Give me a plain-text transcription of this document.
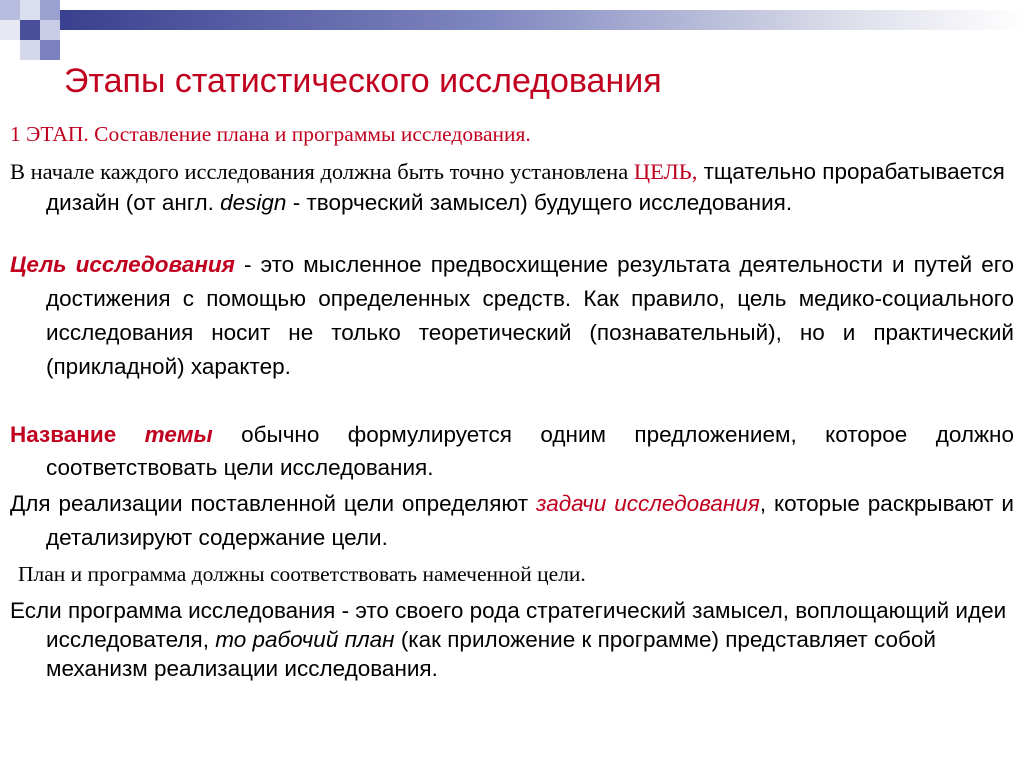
Этапы статистического исследования
1 ЭТАП. Составление плана и программы исследования.
В начале каждого исследования должна быть точно установлена ЦЕЛЬ, тщательно прорабатывается дизайн (от англ. design - творческий замысел) будущего исследования.
Цель исследования - это мысленное предвосхищение результата деятельности и путей его достижения с помощью определенных средств. Как правило, цель медико-социального исследования носит не только теоретический (познавательный), но и практический (прикладной) характер.
Название темы обычно формулируется одним предложением, которое должно соответствовать цели исследования.
Для реализации поставленной цели определяют задачи исследования, которые раскрывают и детализируют содержание цели.
План и программа должны соответствовать намеченной цели.
Если программа исследования - это своего рода стратегический замысел, воплощающий идеи исследователя, то рабочий план (как приложение к программе) представляет собой механизм реализации исследования.
